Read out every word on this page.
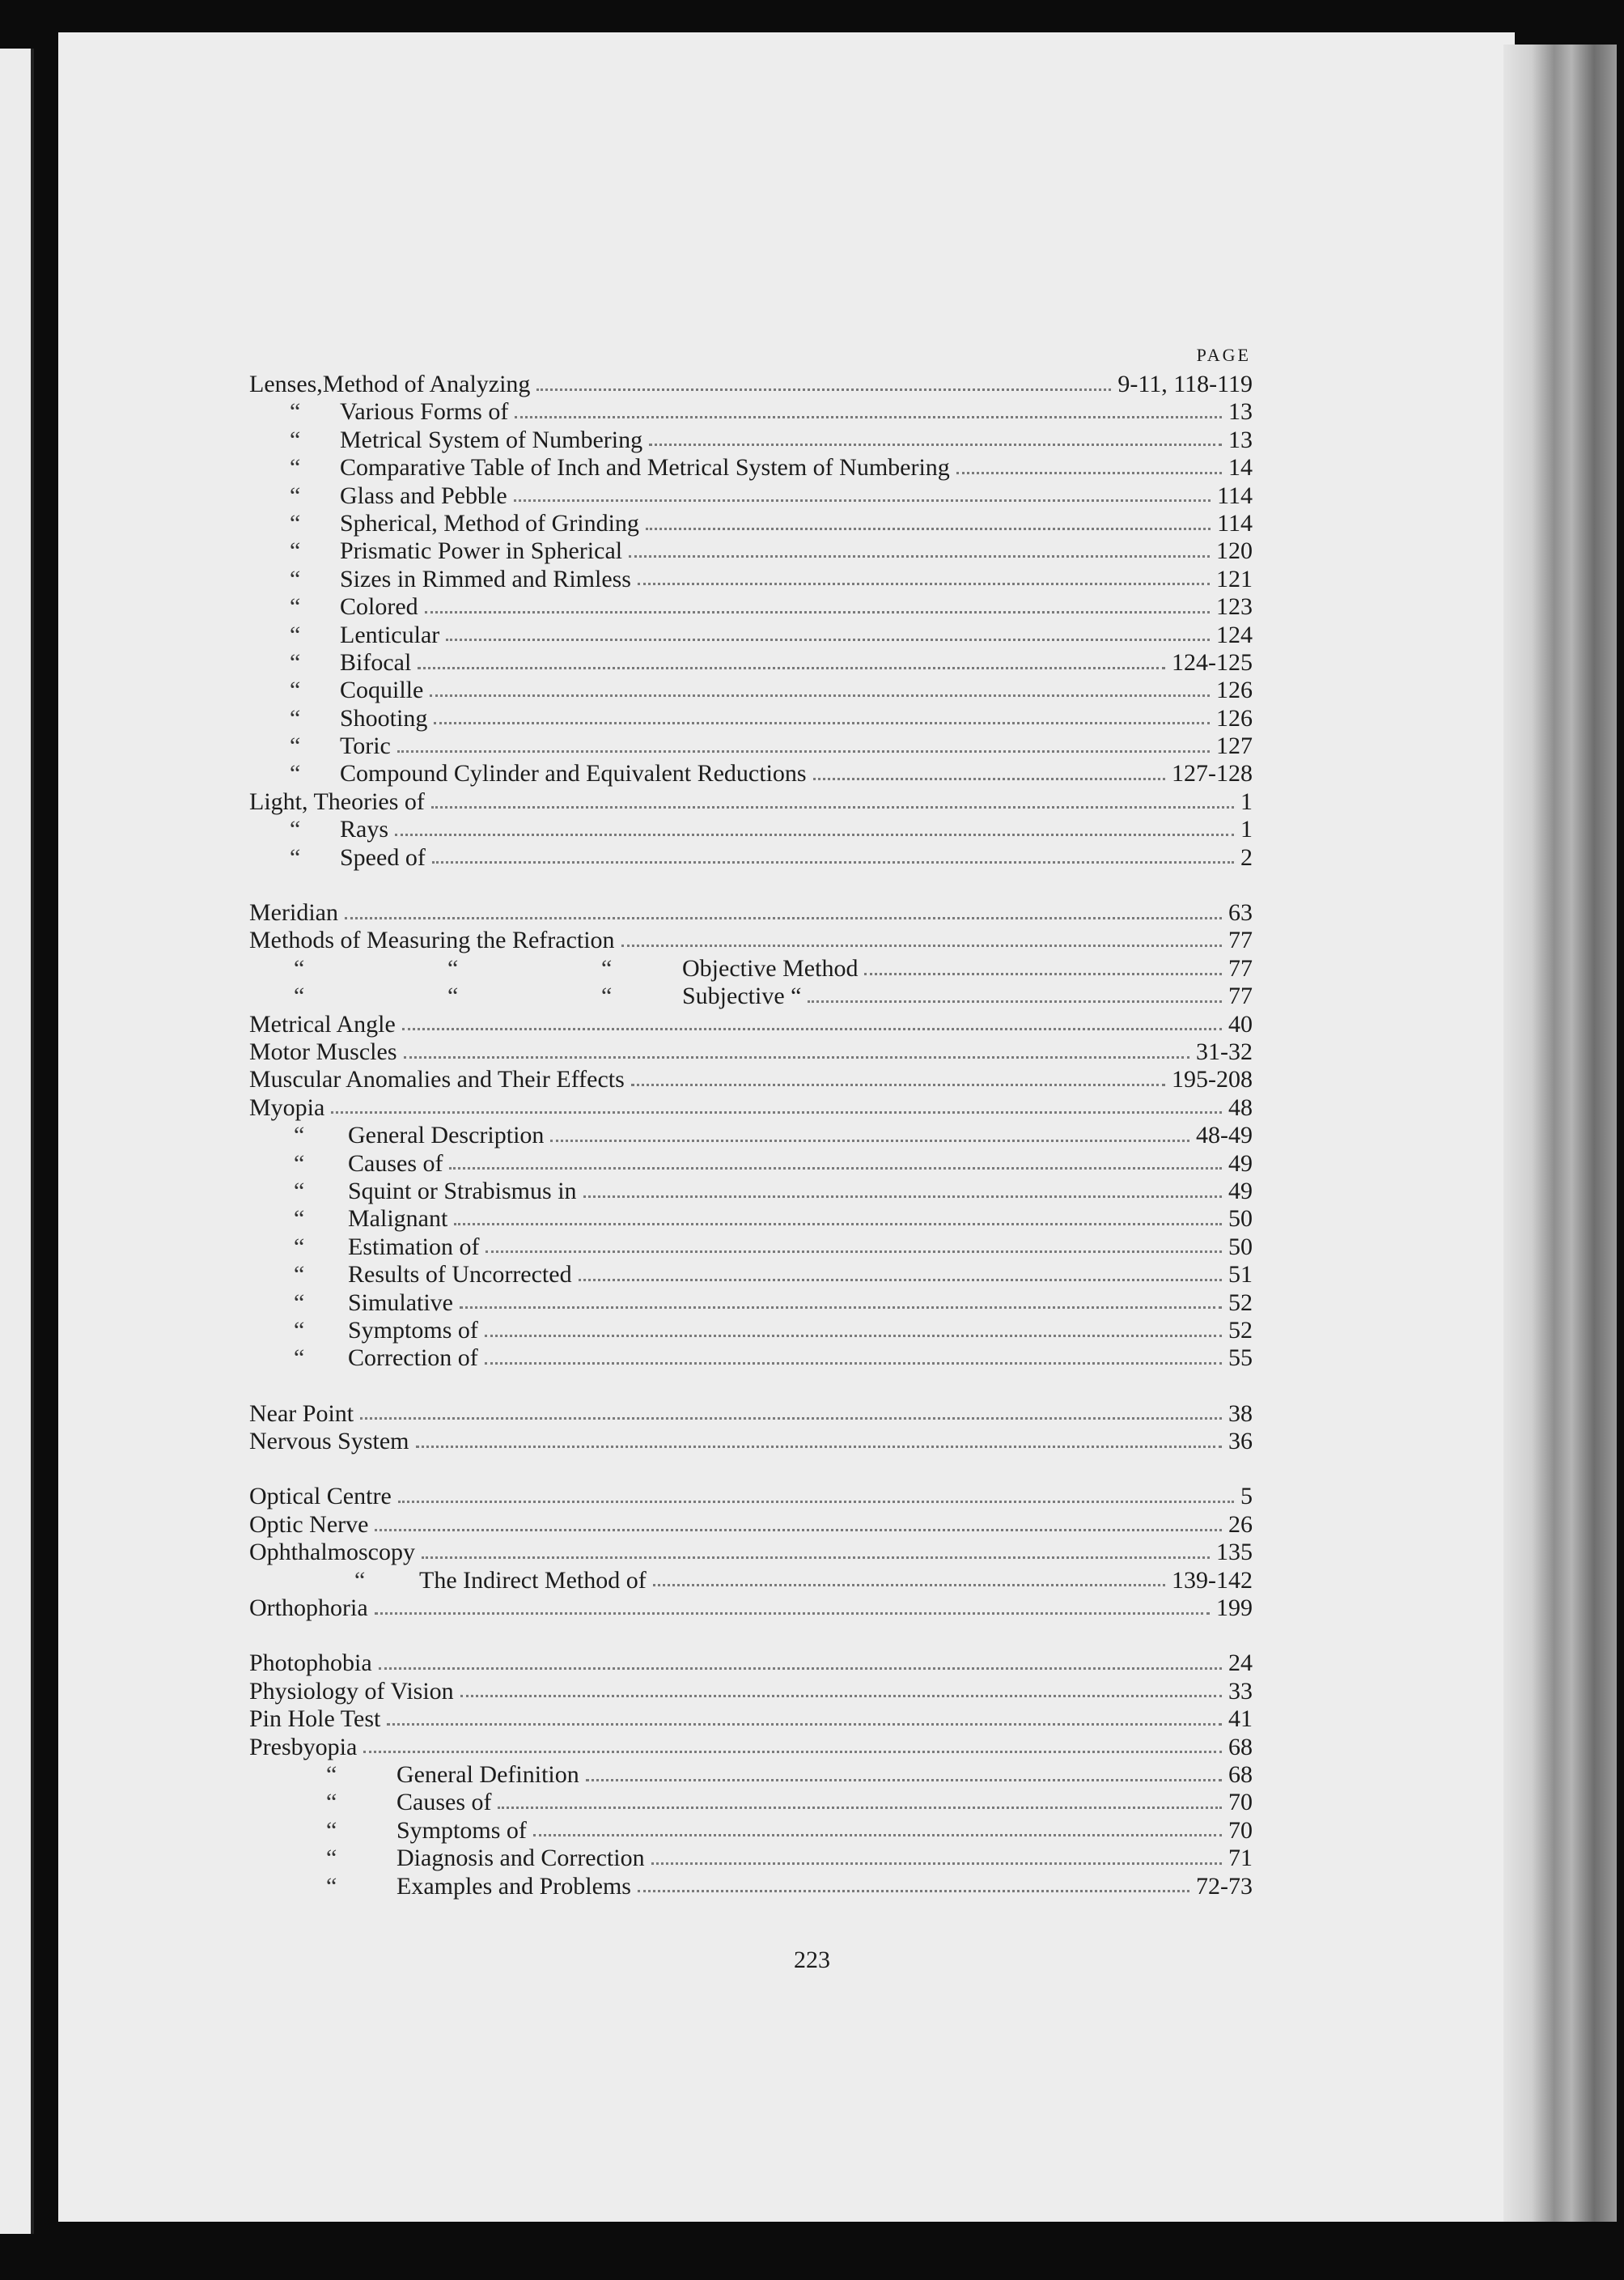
PAGE
Lenses,Method of Analyzing	9-11, 118-119
“	Various Forms of	13
“	Metrical System of Numbering	13
“	Comparative Table of Inch and Metrical System of Numbering	14
“	Glass and Pebble	114
“	Spherical, Method of Grinding	114
“	Prismatic Power in Spherical	120
“	Sizes in Rimmed and Rimless	121
“	Colored	123
“	Lenticular	124
“	Bifocal	124-125
“	Coquille	126
“	Shooting	126
“	Toric	127
“	Compound Cylinder and Equivalent Reductions	127-128
Light, Theories of	1
“	Rays	1
“	Speed of	2
Meridian	63
Methods of Measuring the Refraction	77
“	“	“	Objective Method	77
“	“	“	Subjective “	77
Metrical Angle	40
Motor Muscles	31-32
Muscular Anomalies and Their Effects	195-208
Myopia	48
“	General Description	48-49
“	Causes of	49
“	Squint or Strabismus in	49
“	Malignant	50
“	Estimation of	50
“	Results of Uncorrected	51
“	Simulative	52
“	Symptoms of	52
“	Correction of	55
Near Point	38
Nervous System	36
Optical Centre	5
Optic Nerve	26
Ophthalmoscopy	135
“	The Indirect Method of	139-142
Orthophoria	199
Photophobia	24
Physiology of Vision	33
Pin Hole Test	41
Presbyopia	68
“	General Definition	68
“	Causes of	70
“	Symptoms of	70
“	Diagnosis and Correction	71
“	Examples and Problems	72-73
223
